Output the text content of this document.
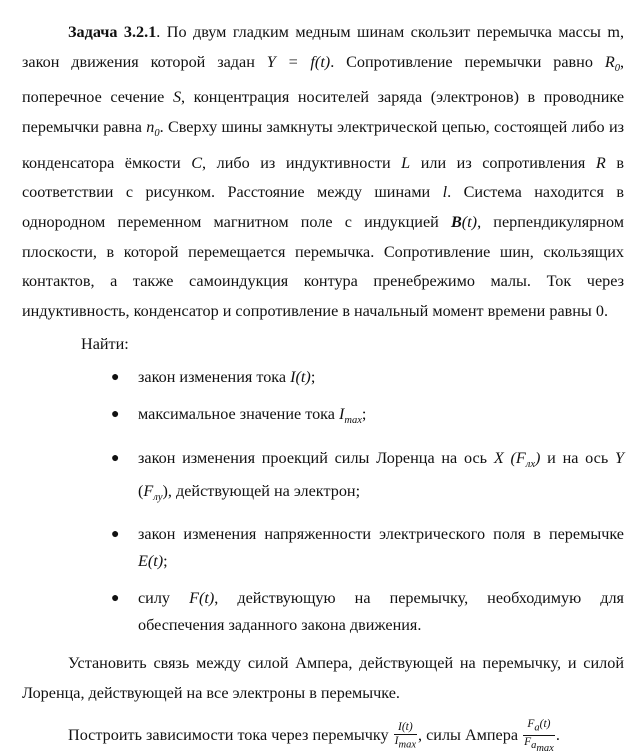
Задача 3.2.1. По двум гладким медным шинам скользит перемычка массы m, закон движения которой задан Y = f(t). Сопротивление перемычки равно $R_0$, поперечное сечение S, концентрация носителей заряда (электронов) в проводнике перемычки равна $n_0$. Сверху шины замкнуты электрической цепью, состоящей либо из конденсатора ёмкости C, либо из индуктивности L или из сопротивления R в соответствии с рисунком. Расстояние между шинами l. Система находится в однородном переменном магнитном поле с индукцией B(t), перпендикулярном плоскости, в которой перемещается перемычка. Сопротивление шин, скользящих контактов, а также самоиндукция контура пренебрежимо малы. Ток через индуктивность, конденсатор и сопротивление в начальный момент времени равны 0.

Найти:

● закон изменения тока I(t);
● максимальное значение тока $I_{max}$;
● закон изменения проекций силы Лоренца на ось X $(F_{лx})$ и на ось Y $(F_{лy})$, действующей на электрон;
● закон изменения напряженности электрического поля в перемычке E(t);
● силу F(t), действующую на перемычку, необходимую для обеспечения заданного закона движения.

Установить связь между силой Ампера, действующей на перемычку, и силой Лоренца, действующей на все электроны в перемычке.

Построить зависимости тока через перемычку $\frac{I(t)}{I_{max}}$ , силы Ампера $\frac{F_a(t)}{F_{a_{max}}}$ .
